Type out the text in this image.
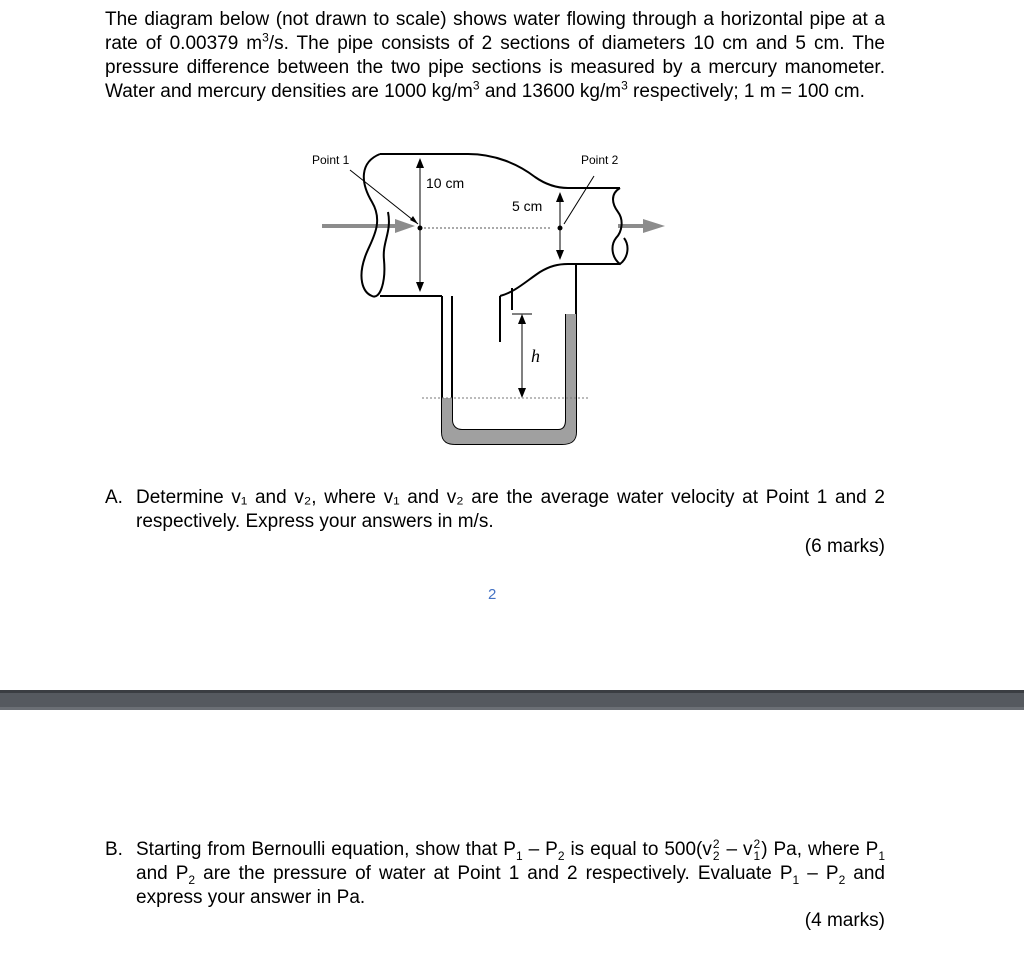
The diagram below (not drawn to scale) shows water flowing through a horizontal pipe at a rate of 0.00379 $m^3/s$. The pipe consists of 2 sections of diameters 10 cm and 5 cm. The pressure difference between the two pipe sections is measured by a mercury manometer. Water and mercury densities are 1000 $kg/m^3$ and 13600 $kg/m^3$ respectively; 1 m = 100 cm.
Point 1	Point 2
10 cm
5 cm
h
A. Determine v₁ and v₂, where v₁ and v₂ are the average water velocity at Point 1 and 2 respectively. Express your answers in m/s.
(6 marks)
2
B. Starting from Bernoulli equation, show that $P_1 - P_2$ is equal to 500(v 2
2 – v 2
1 ) Pa, where $P_1$ and $P_2$ are the pressure of water at Point 1 and 2 respectively. Evaluate $P_1 - P_2$ and express your answer in Pa.
(4 marks)
